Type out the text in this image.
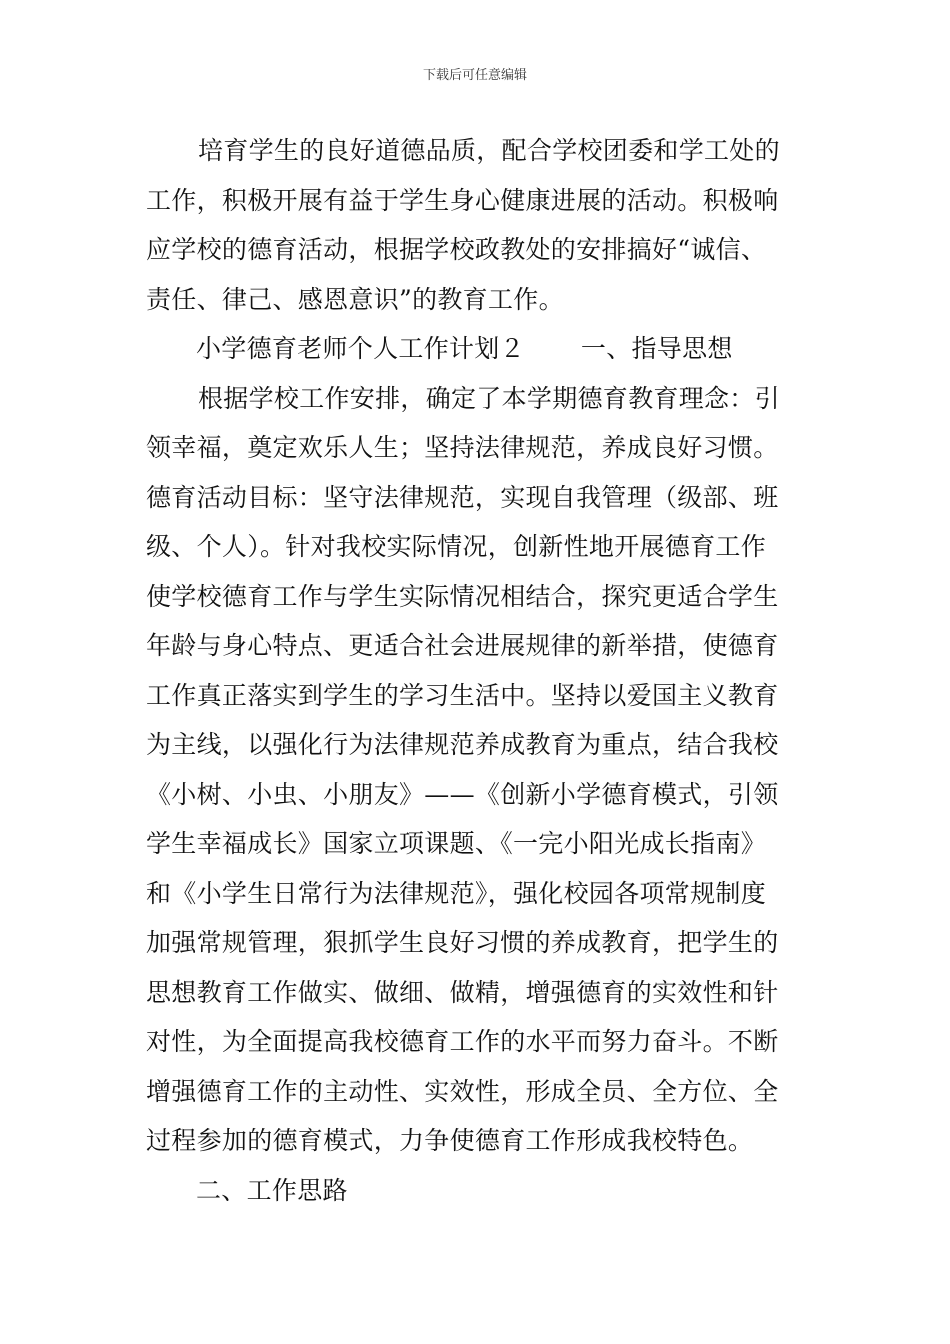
下载后可任意编辑
培育学生的良好道德品质，配合学校团委和学工处的
工作，积极开展有益于学生身心健康进展的活动。积极响
应学校的德育活动，根据学校政教处的安排搞好“诚信、
责任、律己、感恩意识”的教育工作。
小学德育老师个人工作计划２ 一、指导思想
根据学校工作安排，确定了本学期德育教育理念：引
领幸福，奠定欢乐人生；坚持法律规范，养成良好习惯。
德育活动目标：坚守法律规范，实现自我管理（级部、班
级、个人）。针对我校实际情况，创新性地开展德育工作
使学校德育工作与学生实际情况相结合，探究更适合学生
年龄与身心特点、更适合社会进展规律的新举措，使德育
工作真正落实到学生的学习生活中。坚持以爱国主义教育
为主线，以强化行为法律规范养成教育为重点，结合我校
《小树、小虫、小朋友》——《创新小学德育模式，引领
学生幸福成长》国家立项课题、《一完小阳光成长指南》
和《小学生日常行为法律规范》，强化校园各项常规制度
加强常规管理，狠抓学生良好习惯的养成教育，把学生的
思想教育工作做实、做细、做精，增强德育的实效性和针
对性，为全面提高我校德育工作的水平而努力奋斗。不断
增强德育工作的主动性、实效性，形成全员、全方位、全
过程参加的德育模式，力争使德育工作形成我校特色。
二、工作思路
